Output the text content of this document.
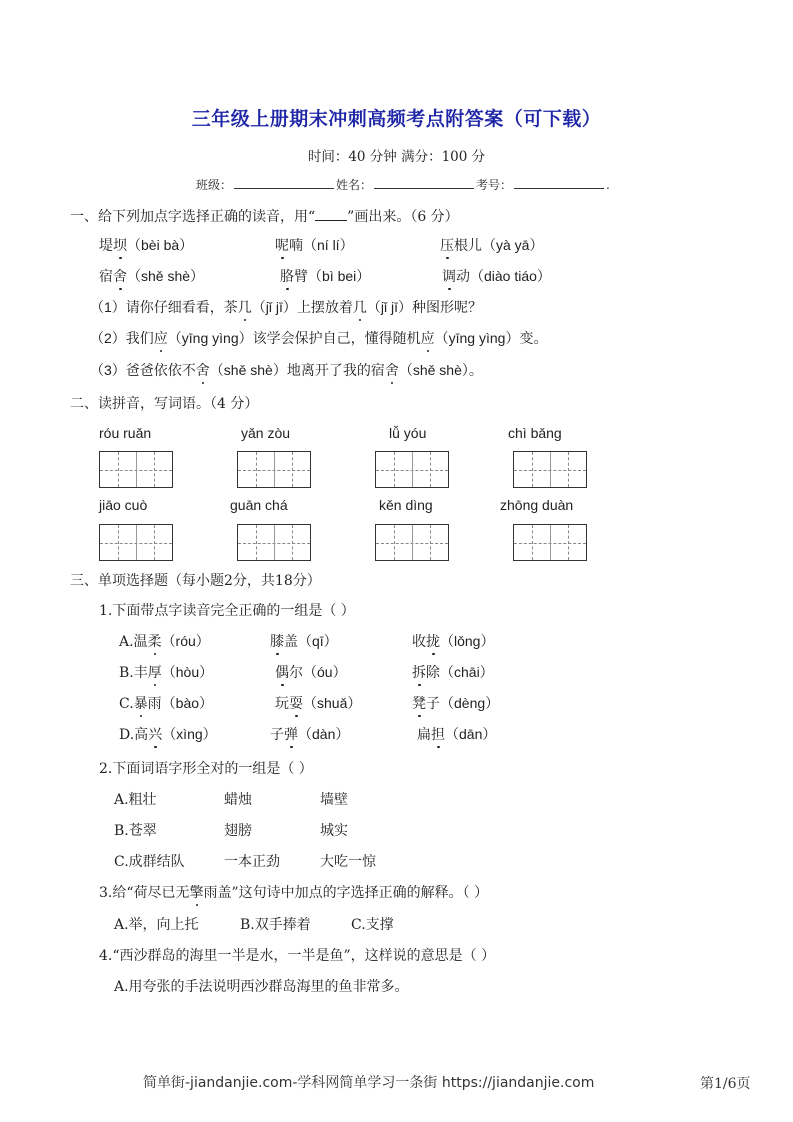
三年级上册期末冲刺高频考点附答案（可下载）
时间：40 分钟 满分：100 分
班级：	姓名：	考号：	.
一、给下列加点字选择正确的读音，用“ ”画出来。（6 分）
堤坝（bèi bà）	呢喃（ní lí）	压根儿（yà yā）
宿舍（shě shè）	胳臂（bì bei）	调动（diào tiáo）
（1）请你仔细看看，茶几（jǐ jī）上摆放着几（jǐ jī）种图形呢？
（2）我们应（yīng yìng）该学会保护自己，懂得随机应（yīng yìng）变。
（3）爸爸依依不舍（shě shè）地离开了我的宿舍（shě shè）。
二、读拼音，写词语。（4 分）
róu ruǎn	yǎn zòu	lǚ yóu	chì bǎng
jiāo cuò	guān chá	kěn dìng	zhōng duàn
三、单项选择题（每小题2分，共18分）
1.下面带点字读音完全正确的一组是（ ）
A.温柔（róu）	膝盖（qī）	收拢（lǒng）
B.丰厚（hòu）	偶尔（óu）	拆除（chāi）
C.暴雨（bào）	玩耍（shuǎ）	凳子（dèng）
D.高兴（xìng）	子弹（dàn）	扁担（dān）
2.下面词语字形全对的一组是（ ）
A.粗壮	蜡烛	墙壁
B.苍翠	翅膀	城实
C.成群结队	一本正劲	大吃一惊
3.给“荷尽已无擎雨盖”这句诗中加点的字选择正确的解释。（ ）
A.举，向上托	B.双手捧着	C.支撑
4.“西沙群岛的海里一半是水，一半是鱼”，这样说的意思是（ ）
A.用夸张的手法说明西沙群岛海里的鱼非常多。
简单街-jiandanjie.com-学科网简单学习一条街 https://jiandanjie.com	第1/6页
